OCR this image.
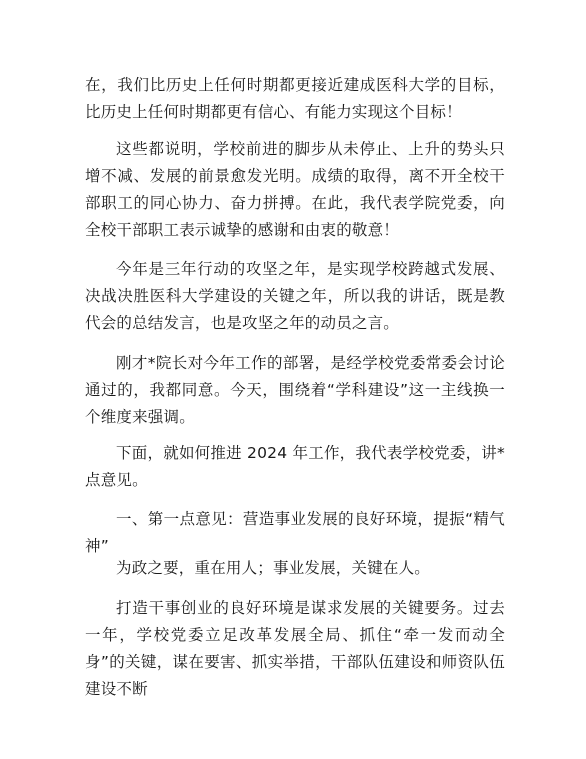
在，我们比历史上任何时期都更接近建成医科大学的目标，比历史上任何时期都更有信心、有能力实现这个目标！

这些都说明，学校前进的脚步从未停止、上升的势头只增不减、发展的前景愈发光明。成绩的取得，离不开全校干部职工的同心协力、奋力拼搏。在此，我代表学院党委，向全校干部职工表示诚挚的感谢和由衷的敬意！

今年是三年行动的攻坚之年，是实现学校跨越式发展、决战决胜医科大学建设的关键之年，所以我的讲话，既是教代会的总结发言，也是攻坚之年的动员之言。

刚才*院长对今年工作的部署，是经学校党委常委会讨论通过的，我都同意。今天，围绕着“学科建设”这一主线换一个维度来强调。

下面，就如何推进 2024 年工作，我代表学校党委，讲*点意见。

一、第一点意见：营造事业发展的良好环境，提振“精气神”

为政之要，重在用人；事业发展，关键在人。

打造干事创业的良好环境是谋求发展的关键要务。过去一年，学校党委立足改革发展全局、抓住“牵一发而动全身”的关键，谋在要害、抓实举措，干部队伍建设和师资队伍建设不断
